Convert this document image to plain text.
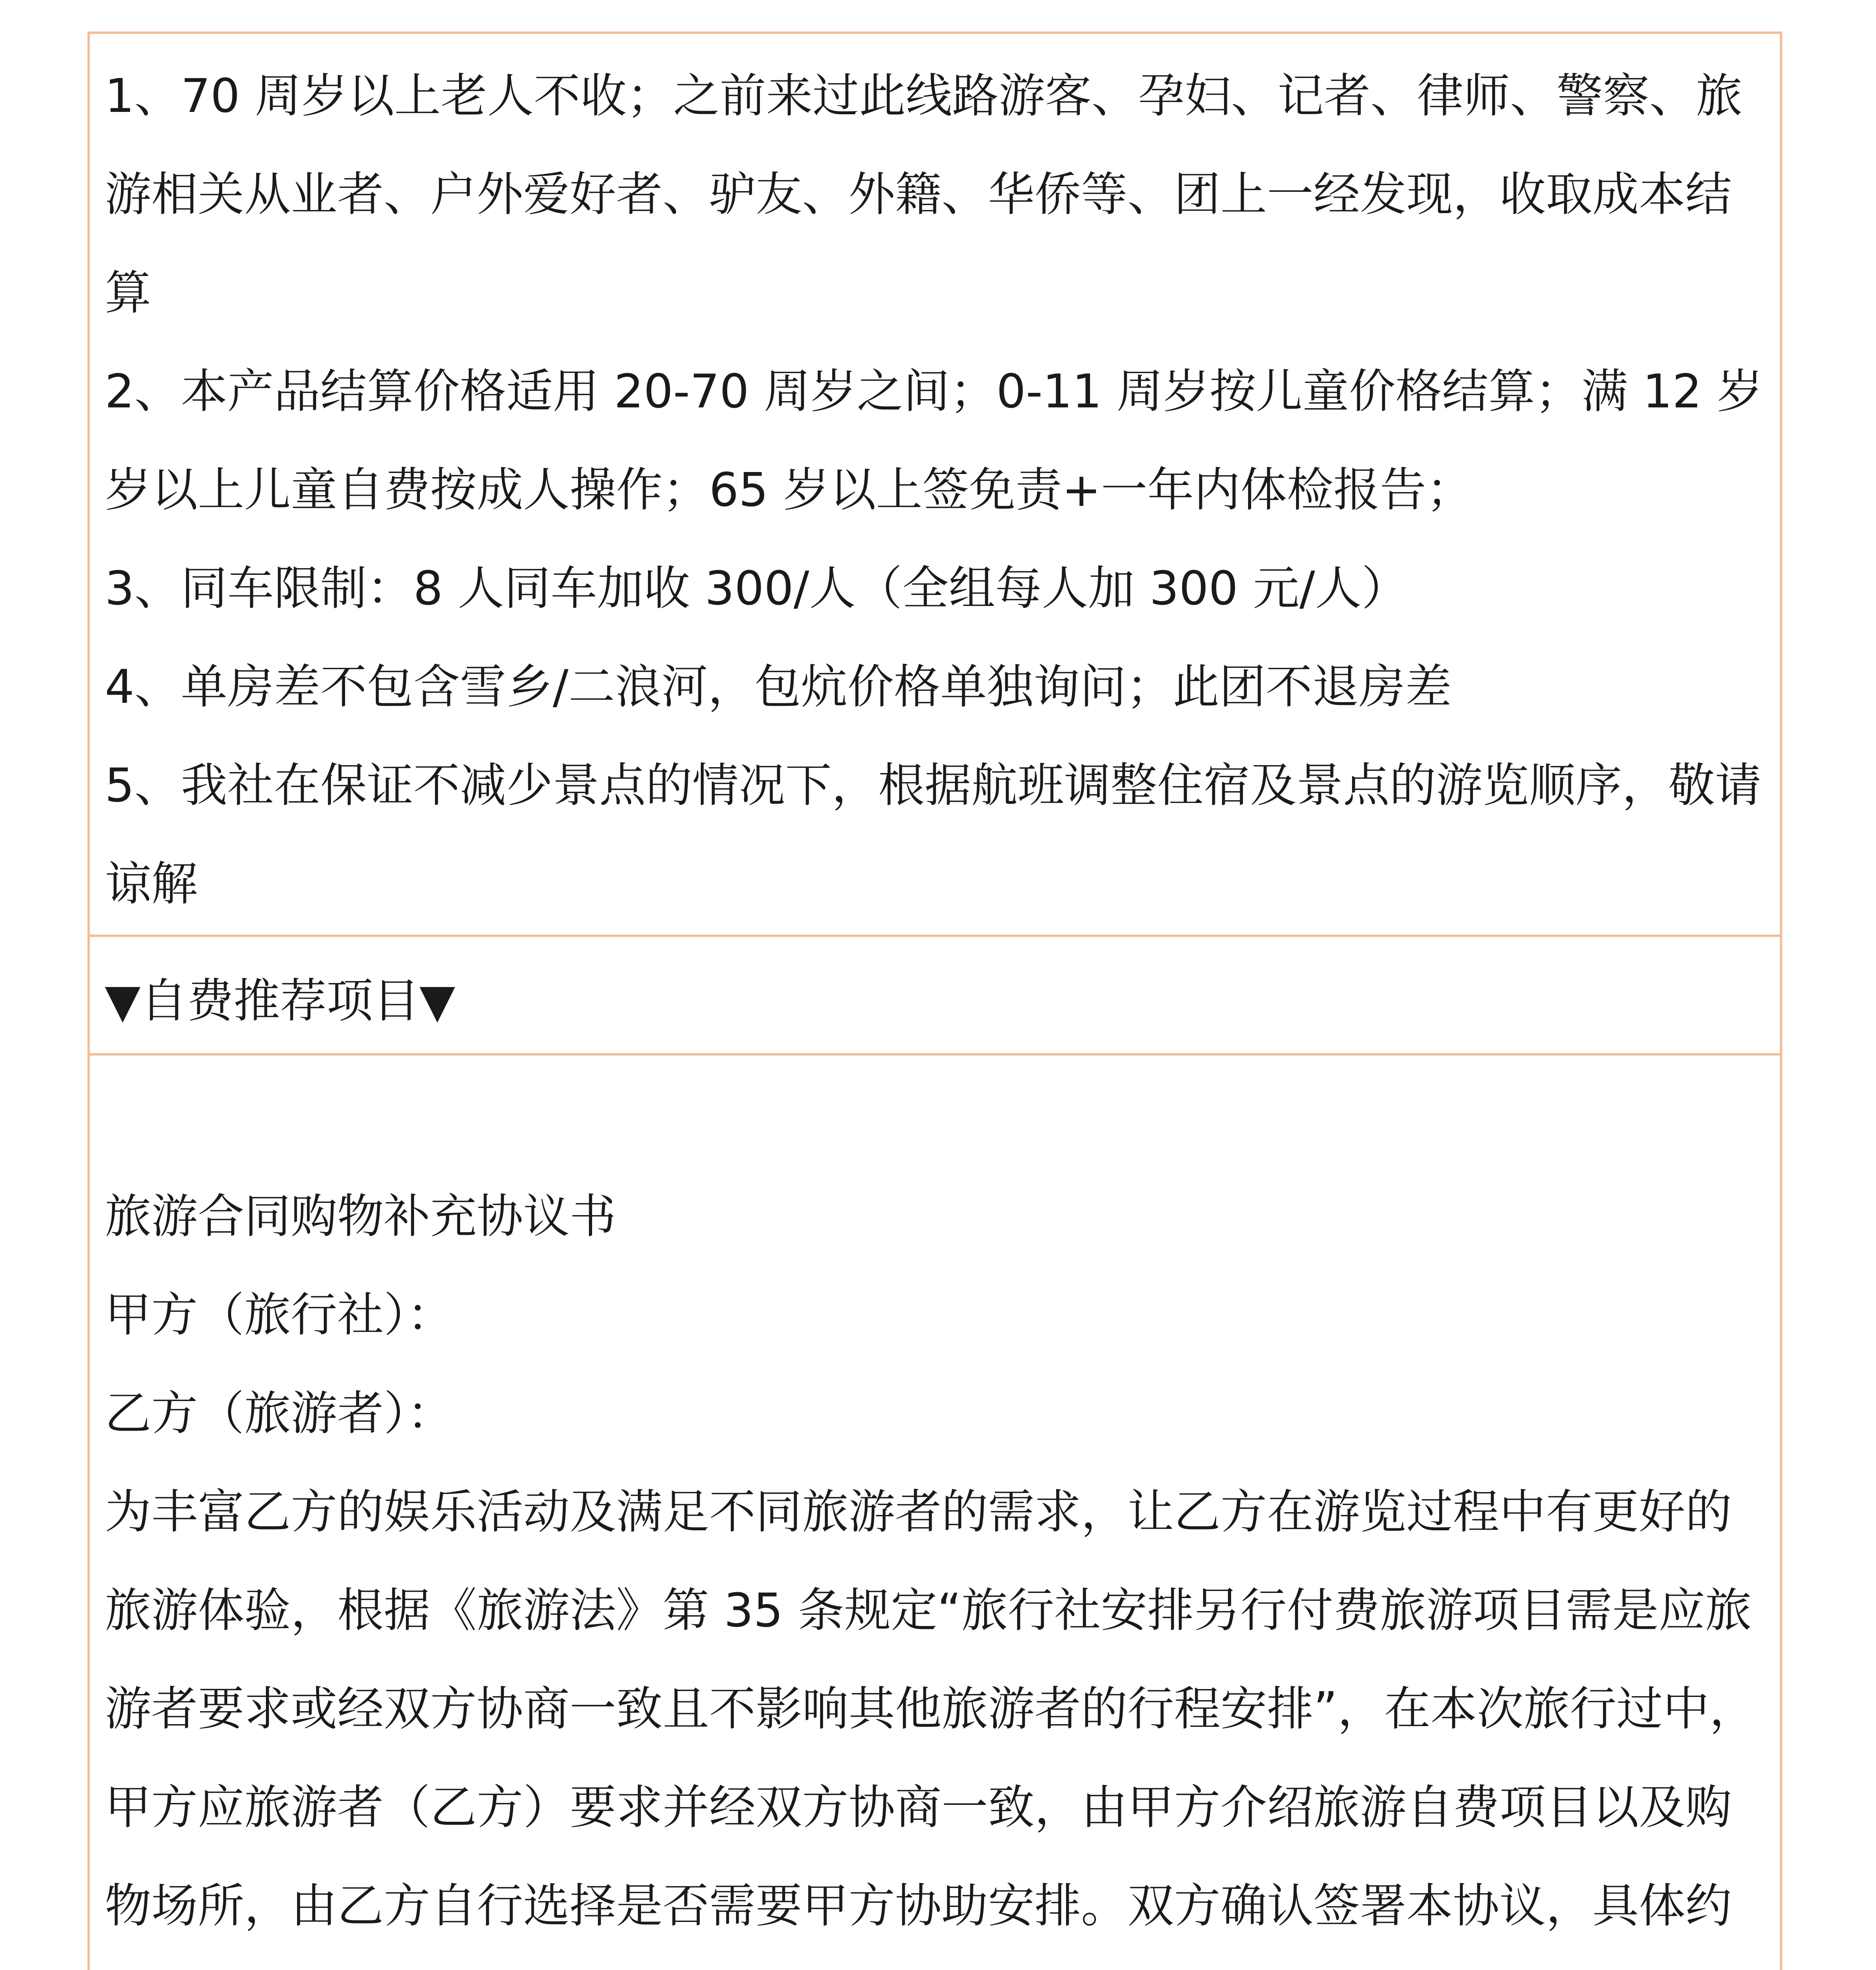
1、70 周岁以上老人不收；之前来过此线路游客、孕妇、记者、律师、警察、旅游相关从业者、户外爱好者、驴友、外籍、华侨等、团上一经发现，收取成本结算

2、本产品结算价格适用 20-70 周岁之间；0-11 周岁按儿童价格结算；满 12 岁岁以上儿童自费按成人操作；65 岁以上签免责+一年内体检报告；

3、同车限制：8 人同车加收 300/人（全组每人加 300 元/人）

4、单房差不包含雪乡/二浪河，包炕价格单独询问；此团不退房差

5、我社在保证不减少景点的情况下，根据航班调整住宿及景点的游览顺序，敬请谅解

▼自费推荐项目▼

旅游合同购物补充协议书

甲方（旅行社）：

乙方（旅游者）：

为丰富乙方的娱乐活动及满足不同旅游者的需求，让乙方在游览过程中有更好的旅游体验，根据《旅游法》第 35 条规定“旅行社安排另行付费旅游项目需是应旅游者要求或经双方协商一致且不影响其他旅游者的行程安排”，在本次旅行过中，甲方应旅游者（乙方）要求并经双方协商一致，由甲方介绍旅游自费项目以及购物场所，由乙方自行选择是否需要甲方协助安排。双方确认签署本协议，具体约
